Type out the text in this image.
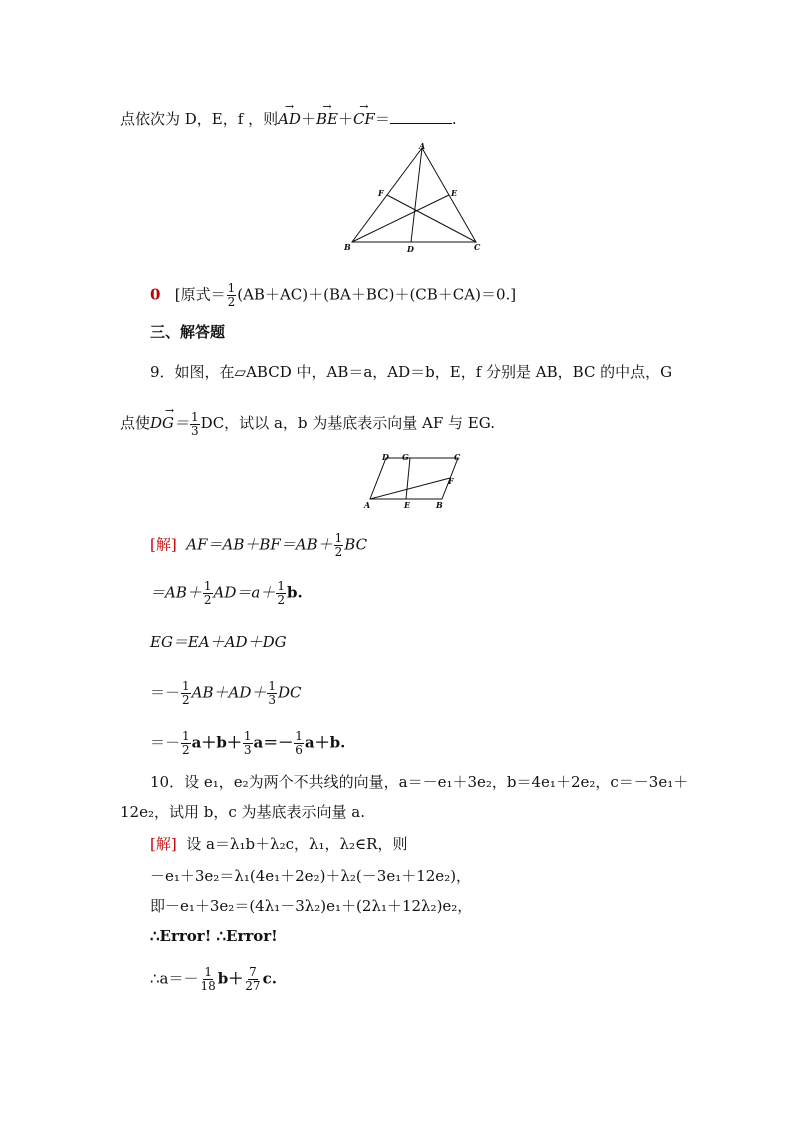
点依次为 D，E，f ，则→ AD＋→ BE＋→ CF＝	.
A
B	C
D
E
F
0 [原式＝ $\frac{1}{2} (AB+AC)+(BA+BC)+(CB+CA)=0$.]
三、解答题
9．如图，在▱ABCD 中，AB＝a，AD＝b，E，f 分别是 AB，BC 的中点，G
点使→ $DG= \frac{1}{3}$ DC，试以 a，b 为基底表示向量 AF 与 EG.
D G	C
F
A	E	B
[解] $AF=AB+BF=AB+ \frac{1}{2}$ BC
$=AB+ \frac{1}{2} AD=a+ \frac{1}{2} b$.
EG＝EA＋AD＋DG
＝－ $\frac{1}{2} AB+AD+ \frac{1}{3}$ DC
＝－ $\frac{1}{2} a+b+ \frac{1}{3} a=- \frac{1}{6} a+b$.
10．设 e₁，e₂为两个不共线的向量，a＝－e₁＋3e₂，b＝4e₁＋2e₂，c＝－3e₁＋
12e₂，试用 b，c 为基底表示向量 a.
[解] 设 a＝λ₁b＋λ₂c，λ₁，λ₂∈R，则
－e₁＋3e₂＝λ₁(4e₁＋2e₂)＋λ₂(－3e₁＋12e₂)，
即－e₁＋3e₂＝(4λ₁－3λ₂)e₁＋(2λ₁＋12λ₂)e₂，
∴Error! ∴Error!
∴a＝－ $\frac{1}{18} b+ \frac{7}{27} c$.
